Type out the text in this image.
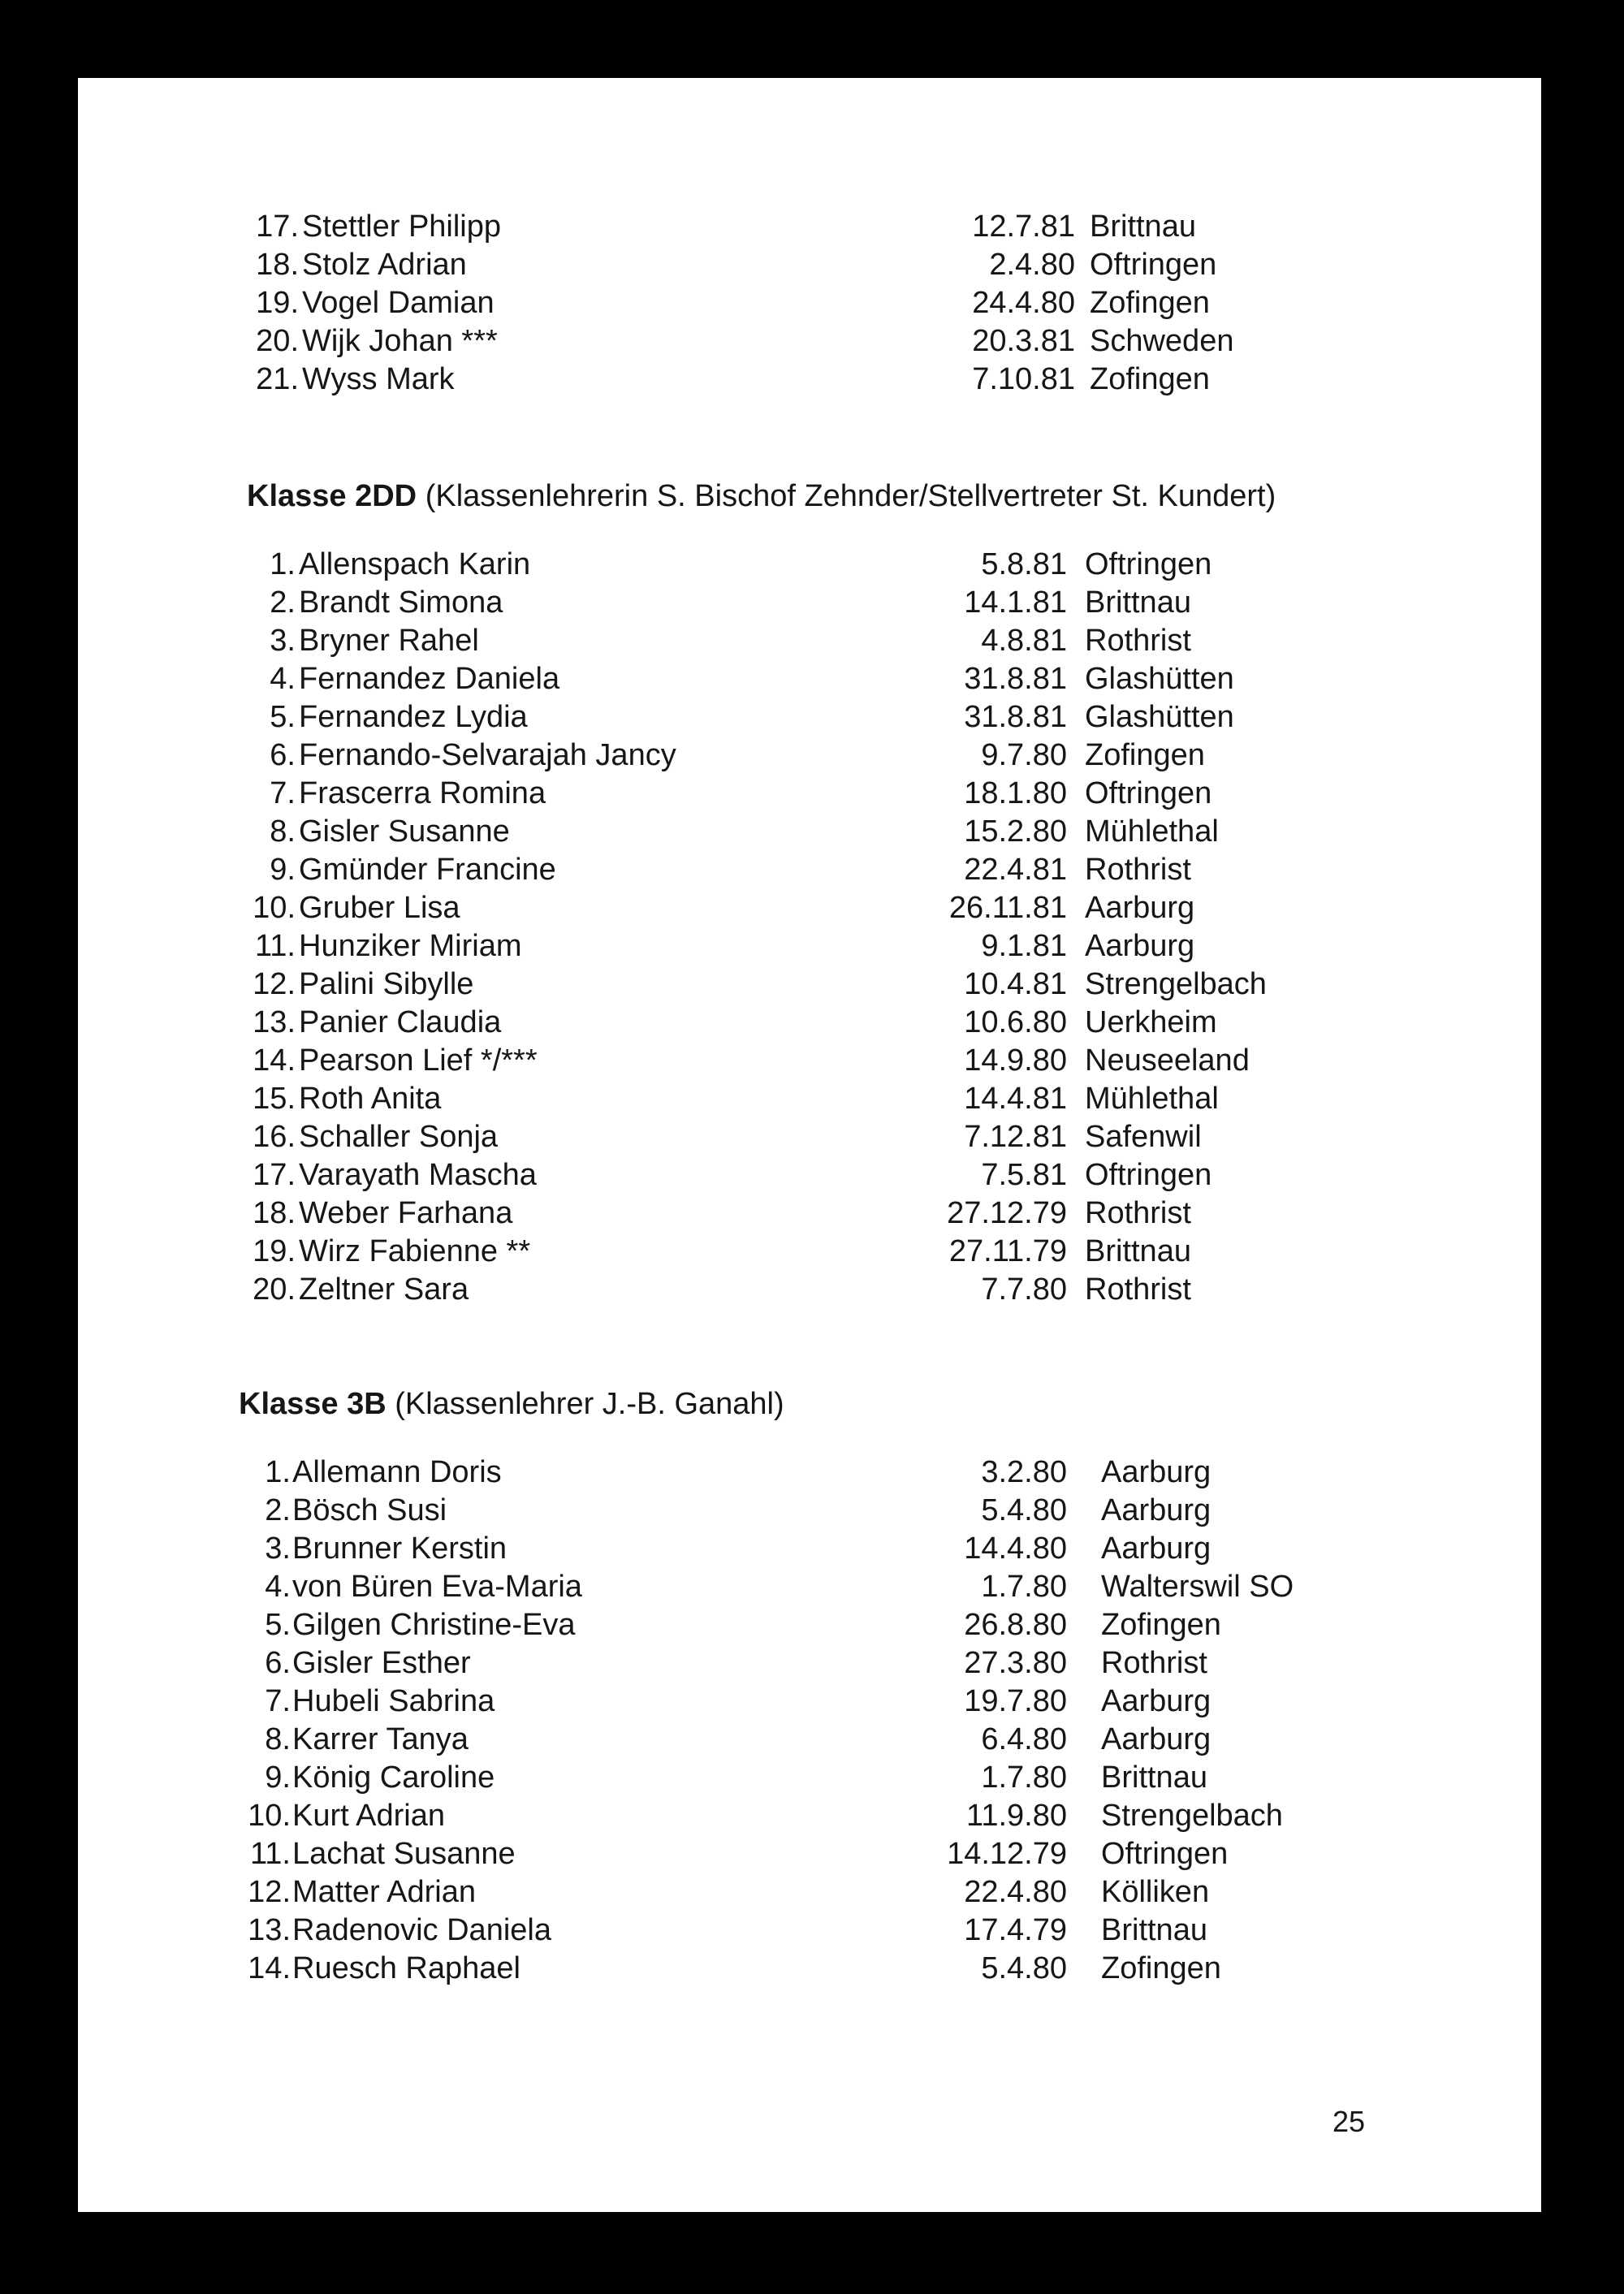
17. Stettler Philipp	12.7.81 Brittnau
18. Stolz Adrian	2.4.80 Oftringen
19. Vogel Damian	24.4.80 Zofingen
20. Wijk Johan ***	20.3.81 Schweden
21. Wyss Mark	7.10.81 Zofingen
Klasse 2DD (Klassenlehrerin S. Bischof Zehnder/Stellvertreter St. Kundert)
1. Allenspach Karin	5.8.81 Oftringen
2. Brandt Simona	14.1.81 Brittnau
3. Bryner Rahel	4.8.81 Rothrist
4. Fernandez Daniela	31.8.81 Glashütten
5. Fernandez Lydia	31.8.81 Glashütten
6. Fernando-Selvarajah Jancy	9.7.80 Zofingen
7. Frascerra Romina	18.1.80 Oftringen
8. Gisler Susanne	15.2.80 Mühlethal
9. Gmünder Francine	22.4.81 Rothrist
10. Gruber Lisa	26.11.81 Aarburg
11. Hunziker Miriam	9.1.81 Aarburg
12. Palini Sibylle	10.4.81 Strengelbach
13. Panier Claudia	10.6.80 Uerkheim
14. Pearson Lief */***	14.9.80 Neuseeland
15. Roth Anita	14.4.81 Mühlethal
16. Schaller Sonja	7.12.81 Safenwil
17. Varayath Mascha	7.5.81 Oftringen
18. Weber Farhana	27.12.79 Rothrist
19. Wirz Fabienne **	27.11.79 Brittnau
20. Zeltner Sara	7.7.80 Rothrist
Klasse 3B (Klassenlehrer J.-B. Ganahl)
1. Allemann Doris	3.2.80 Aarburg
2. Bösch Susi	5.4.80 Aarburg
3. Brunner Kerstin	14.4.80 Aarburg
4. von Büren Eva-Maria	1.7.80 Walterswil SO
5. Gilgen Christine-Eva	26.8.80 Zofingen
6. Gisler Esther	27.3.80 Rothrist
7. Hubeli Sabrina	19.7.80 Aarburg
8. Karrer Tanya	6.4.80 Aarburg
9. König Caroline	1.7.80 Brittnau
10. Kurt Adrian	11.9.80 Strengelbach
11. Lachat Susanne	14.12.79 Oftringen
12. Matter Adrian	22.4.80 Kölliken
13. Radenovic Daniela	17.4.79 Brittnau
14. Ruesch Raphael	5.4.80 Zofingen
25
